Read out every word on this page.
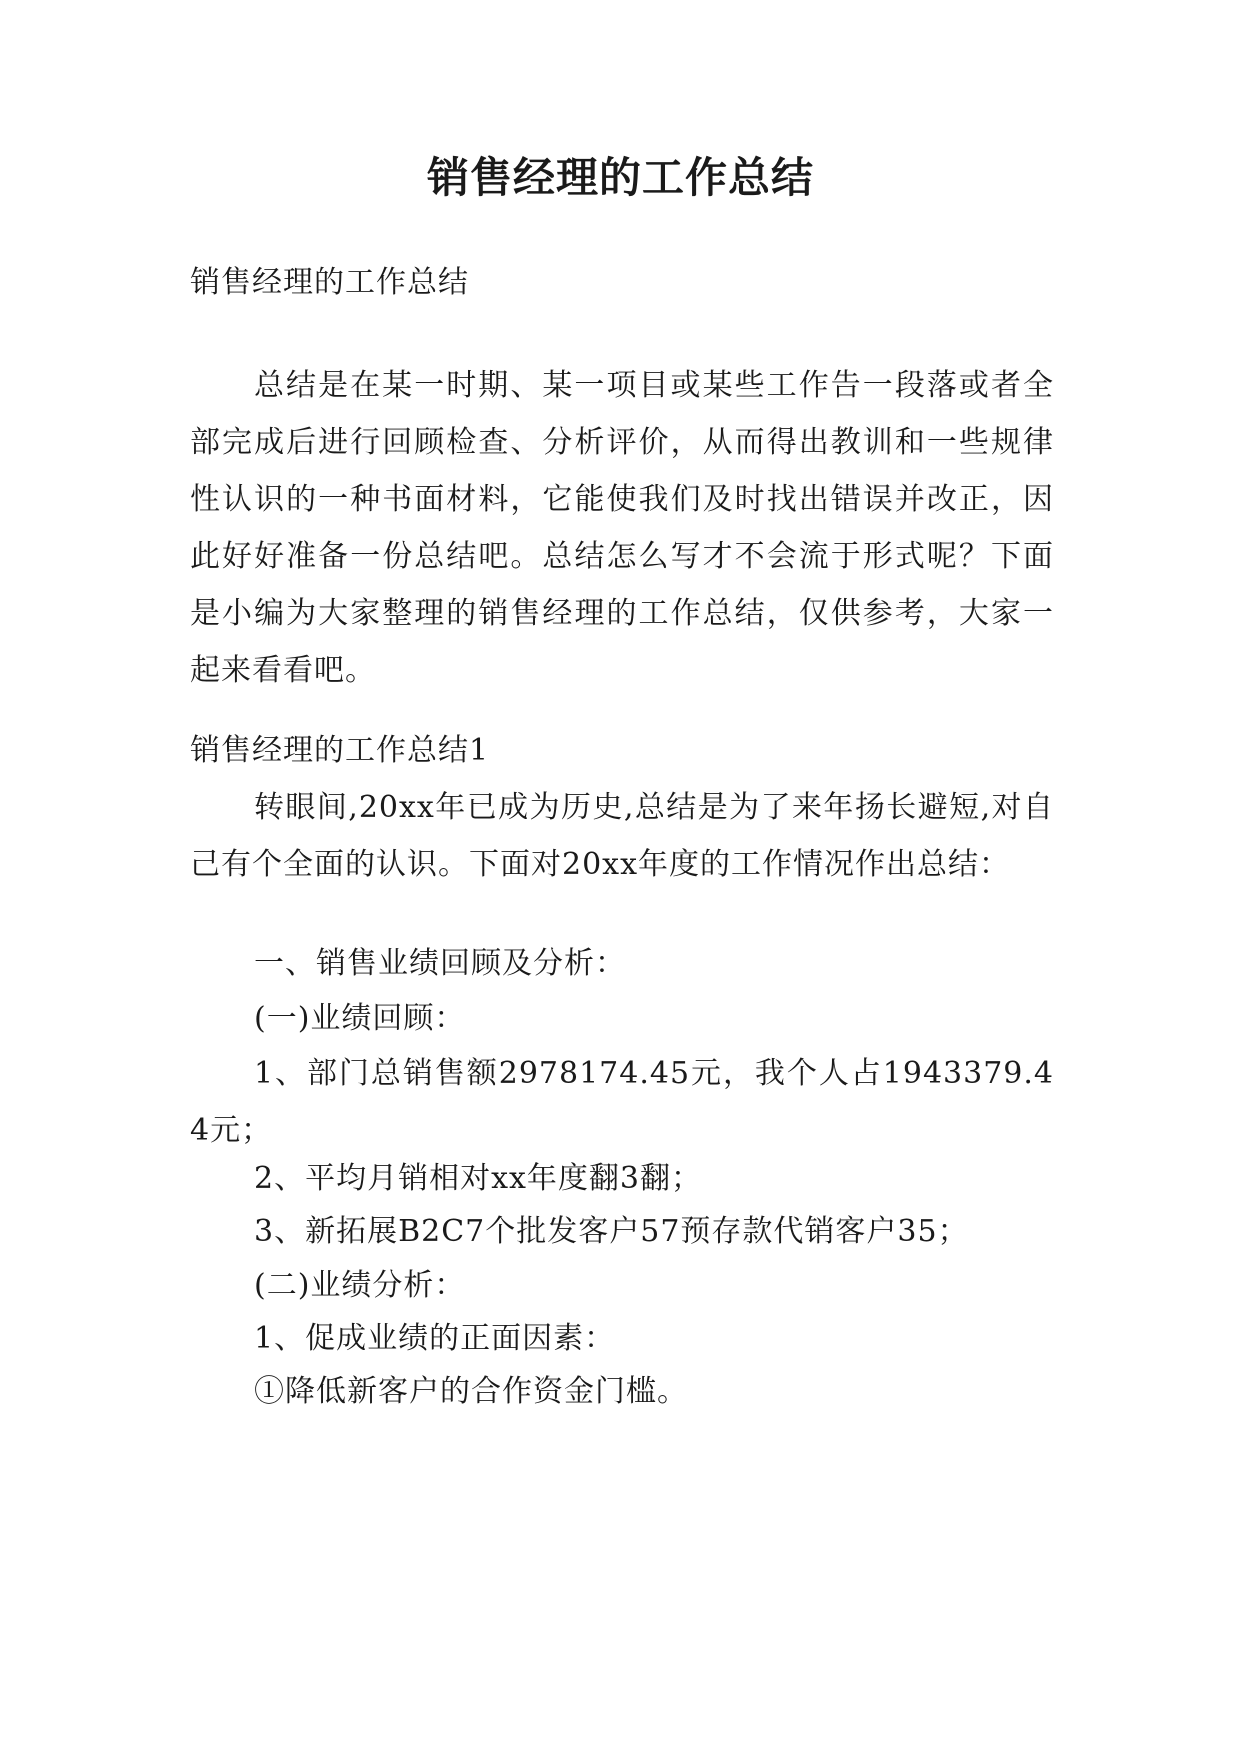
销售经理的工作总结

销售经理的工作总结

总结是在某一时期、某一项目或某些工作告一段落或者全部完成后进行回顾检查、分析评价，从而得出教训和一些规律性认识的一种书面材料，它能使我们及时找出错误并改正，因此好好准备一份总结吧。总结怎么写才不会流于形式呢？下面是小编为大家整理的销售经理的工作总结，仅供参考，大家一起来看看吧。

销售经理的工作总结1

转眼间,20xx年已成为历史,总结是为了来年扬长避短,对自己有个全面的认识。下面对20xx年度的工作情况作出总结：

一、销售业绩回顾及分析：

(一)业绩回顾：

1、部门总销售额2978174.45元，我个人占1943379.44元；

2、平均月销相对xx年度翻3翻；

3、新拓展B2C7个批发客户57预存款代销客户35；

(二)业绩分析：

1、促成业绩的正面因素：

①降低新客户的合作资金门槛。
